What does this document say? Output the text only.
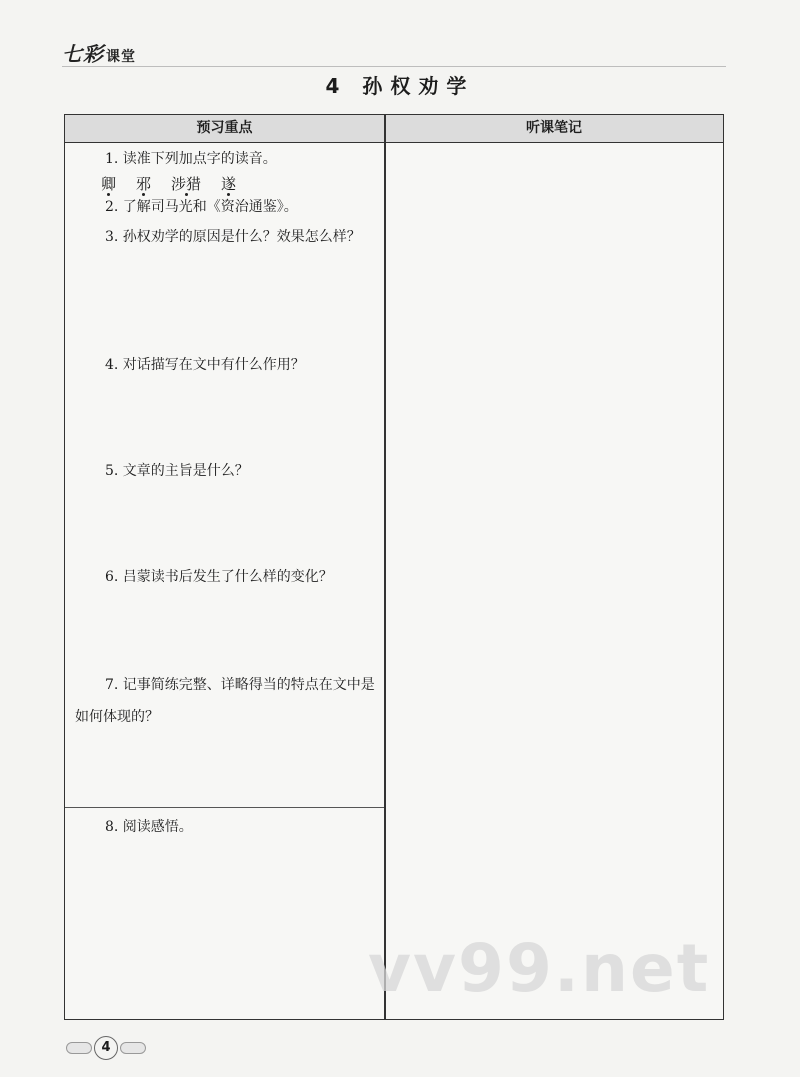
七彩 课堂
4 孙权劝学
预习重点	听课笔记
1. 读准下列加点字的读音。
卿 邪 涉猎 遂
2. 了解司马光和《资治通鉴》。
3. 孙权劝学的原因是什么？效果怎么样？
4. 对话描写在文中有什么作用？
5. 文章的主旨是什么？
6. 吕蒙读书后发生了什么样的变化？
7. 记事简练完整、详略得当的特点在文中是如何体现的？
8. 阅读感悟。
vv99.net
4
